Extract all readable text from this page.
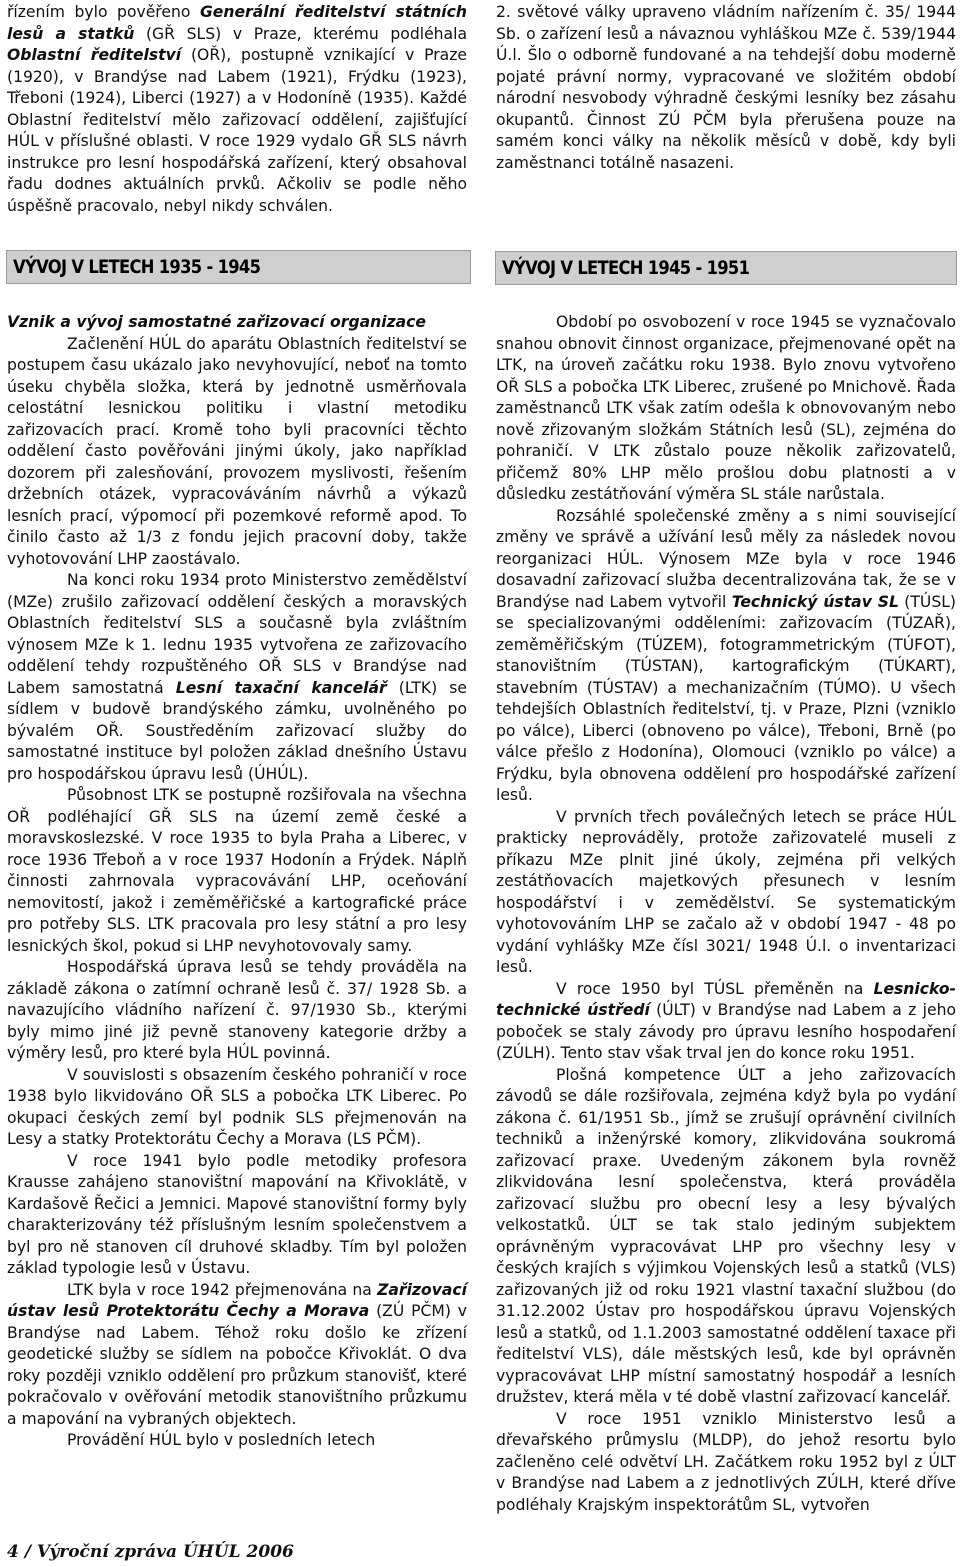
řízením bylo pověřeno Generální ředitelství státních lesů a statků (GŘ SLS) v Praze, kterému podléhala Oblastní ředitelství (OŘ), postupně vznikající v Praze (1920), v Brandýse nad Labem (1921), Frýdku (1923), Třeboni (1924), Liberci (1927) a v Hodoníně (1935). Každé Oblastní ředitelství mělo zařizovací oddělení, zajišťující HÚL v příslušné oblasti. V roce 1929 vydalo GŘ SLS návrh instrukce pro lesní hospodářská zařízení, který obsahoval řadu dodnes aktuálních prvků. Ačkoliv se podle něho úspěšně pracovalo, nebyl nikdy schválen.

2. světové války upraveno vládním nařízením č. 35/ 1944 Sb. o zařízení lesů a návaznou vyhláškou MZe č. 539/1944 Ú.l. Šlo o odborně fundované a na tehdejší dobu moderně pojaté právní normy, vypracované ve složitém období národní nesvobody výhradně českými lesníky bez zásahu okupantů. Činnost ZÚ PČM byla přerušena pouze na samém konci války na několik měsíců v době, kdy byli zaměstnanci totálně nasazeni.

VÝVOJ V LETECH 1935 - 1945	VÝVOJ V LETECH 1945 - 1951

Vznik a vývoj samostatné zařizovací organizace

Začlenění HÚL do aparátu Oblastních ředitelství se postupem času ukázalo jako nevyhovující, neboť na tomto úseku chyběla složka, která by jednotně usměrňovala celostátní lesnickou politiku i vlastní metodiku zařizovacích prací. Kromě toho byli pracovníci těchto oddělení často pověřováni jinými úkoly, jako například dozorem při zalesňování, provozem myslivosti, řešením držebních otázek, vypracováváním návrhů a výkazů lesních prací, výpomocí při pozemkové reformě apod. To činilo často až 1/3 z fondu jejich pracovní doby, takže vyhotovování LHP zaostávalo.

Na konci roku 1934 proto Ministerstvo zemědělství (MZe) zrušilo zařizovací oddělení českých a moravských Oblastních ředitelství SLS a současně byla zvláštním výnosem MZe k 1. lednu 1935 vytvořena ze zařizovacího oddělení tehdy rozpuštěného OŘ SLS v Brandýse nad Labem samostatná Lesní taxační kancelář (LTK) se sídlem v budově brandýského zámku, uvolněného po bývalém OŘ. Soustředěním zařizovací služby do samostatné instituce byl položen základ dnešního Ústavu pro hospodářskou úpravu lesů (ÚHÚL).

Působnost LTK se postupně rozšiřovala na všechna OŘ podléhající GŘ SLS na území země české a moravskoslezské. V roce 1935 to byla Praha a Liberec, v roce 1936 Třeboň a v roce 1937 Hodonín a Frýdek. Náplň činnosti zahrnovala vypracovávání LHP, oceňování nemovitostí, jakož i zeměměřičské a kartografické práce pro potřeby SLS. LTK pracovala pro lesy státní a pro lesy lesnických škol, pokud si LHP nevyhotovovaly samy.

Hospodářská úprava lesů se tehdy prováděla na základě zákona o zatímní ochraně lesů č. 37/ 1928 Sb. a navazujícího vládního nařízení č. 97/1930 Sb., kterými byly mimo jiné již pevně stanoveny kategorie držby a výměry lesů, pro které byla HÚL povinná.

V souvislosti s obsazením českého pohraničí v roce 1938 bylo likvidováno OŘ SLS a pobočka LTK Liberec. Po okupaci českých zemí byl podnik SLS přejmenován na Lesy a statky Protektorátu Čechy a Morava (LS PČM).

V roce 1941 bylo podle metodiky profesora Krausse zahájeno stanovištní mapování na Křivoklátě, v Kardašově Řečici a Jemnici. Mapové stanovištní formy byly charakterizovány též příslušným lesním společenstvem a byl pro ně stanoven cíl druhové skladby. Tím byl položen základ typologie lesů v Ústavu.

LTK byla v roce 1942 přejmenována na Zařizovací ústav lesů Protektorátu Čechy a Morava (ZÚ PČM) v Brandýse nad Labem. Téhož roku došlo ke zřízení geodetické služby se sídlem na pobočce Křivoklát. O dva roky později vzniklo oddělení pro průzkum stanovišť, které pokračovalo v ověřování metodik stanovištního průzkumu a mapování na vybraných objektech.

Provádění HÚL bylo v posledních letech

Období po osvobození v roce 1945 se vyznačovalo snahou obnovit činnost organizace, přejmenované opět na LTK, na úroveň začátku roku 1938. Bylo znovu vytvořeno OŘ SLS a pobočka LTK Liberec, zrušené po Mnichově. Řada zaměstnanců LTK však zatím odešla k obnovovaným nebo nově zřizovaným složkám Státních lesů (SL), zejména do pohraničí. V LTK zůstalo pouze několik zařizovatelů, přičemž 80% LHP mělo prošlou dobu platnosti a v důsledku zestátňování výměra SL stále narůstala.

Rozsáhlé společenské změny a s nimi související změny ve správě a užívání lesů měly za následek novou reorganizaci HÚL. Výnosem MZe byla v roce 1946 dosavadní zařizovací služba decentralizována tak, že se v Brandýse nad Labem vytvořil Technický ústav SL (TÚSL) se specializovanými odděleními: zařizovacím (TÚZAŘ), zeměměřičským (TÚZEM), fotogrammetrickým (TÚFOT), stanovištním (TÚSTAN), kartografickým (TÚKART), stavebním (TÚSTAV) a mechanizačním (TÚMO). U všech tehdejších Oblastních ředitelství, tj. v Praze, Plzni (vzniklo po válce), Liberci (obnoveno po válce), Třeboni, Brně (po válce přešlo z Hodonína), Olomouci (vzniklo po válce) a Frýdku, byla obnovena oddělení pro hospodářské zařízení lesů.

V prvních třech poválečných letech se práce HÚL prakticky neprováděly, protože zařizovatelé museli z příkazu MZe plnit jiné úkoly, zejména při velkých zestátňovacích majetkových přesunech v lesním hospodářství i v zemědělství. Se systematickým vyhotovováním LHP se začalo až v období 1947 - 48 po vydání vyhlášky MZe čísl 3021/ 1948 Ú.l. o inventarizaci lesů.

V roce 1950 byl TÚSL přeměněn na Lesnicko-technické ústředí (ÚLT) v Brandýse nad Labem a z jeho poboček se staly závody pro úpravu lesního hospodaření (ZÚLH). Tento stav však trval jen do konce roku 1951.

Plošná kompetence ÚLT a jeho zařizovacích závodů se dále rozšiřovala, zejména když byla po vydání zákona č. 61/1951 Sb., jímž se zrušují oprávnění civilních techniků a inženýrské komory, zlikvidována soukromá zařizovací praxe. Uvedeným zákonem byla rovněž zlikvidována lesní společenstva, která prováděla zařizovací službu pro obecní lesy a lesy bývalých velkostatků. ÚLT se tak stalo jediným subjektem oprávněným vypracovávat LHP pro všechny lesy v českých krajích s výjimkou Vojenských lesů a statků (VLS) zařizovaných již od roku 1921 vlastní taxační službou (do 31.12.2002 Ústav pro hospodářskou úpravu Vojenských lesů a statků, od 1.1.2003 samostatné oddělení taxace při ředitelství VLS), dále městských lesů, kde byl oprávněn vypracovávat LHP místní samostatný hospodář a lesních družstev, která měla v té době vlastní zařizovací kancelář.

V roce 1951 vzniklo Ministerstvo lesů a dřevařského průmyslu (MLDP), do jehož resortu bylo začleněno celé odvětví LH. Začátkem roku 1952 byl z ÚLT v Brandýse nad Labem a z jednotlivých ZÚLH, které dříve podléhaly Krajským inspektorátům SL, vytvořen

4 / Výroční zpráva ÚHÚL 2006
